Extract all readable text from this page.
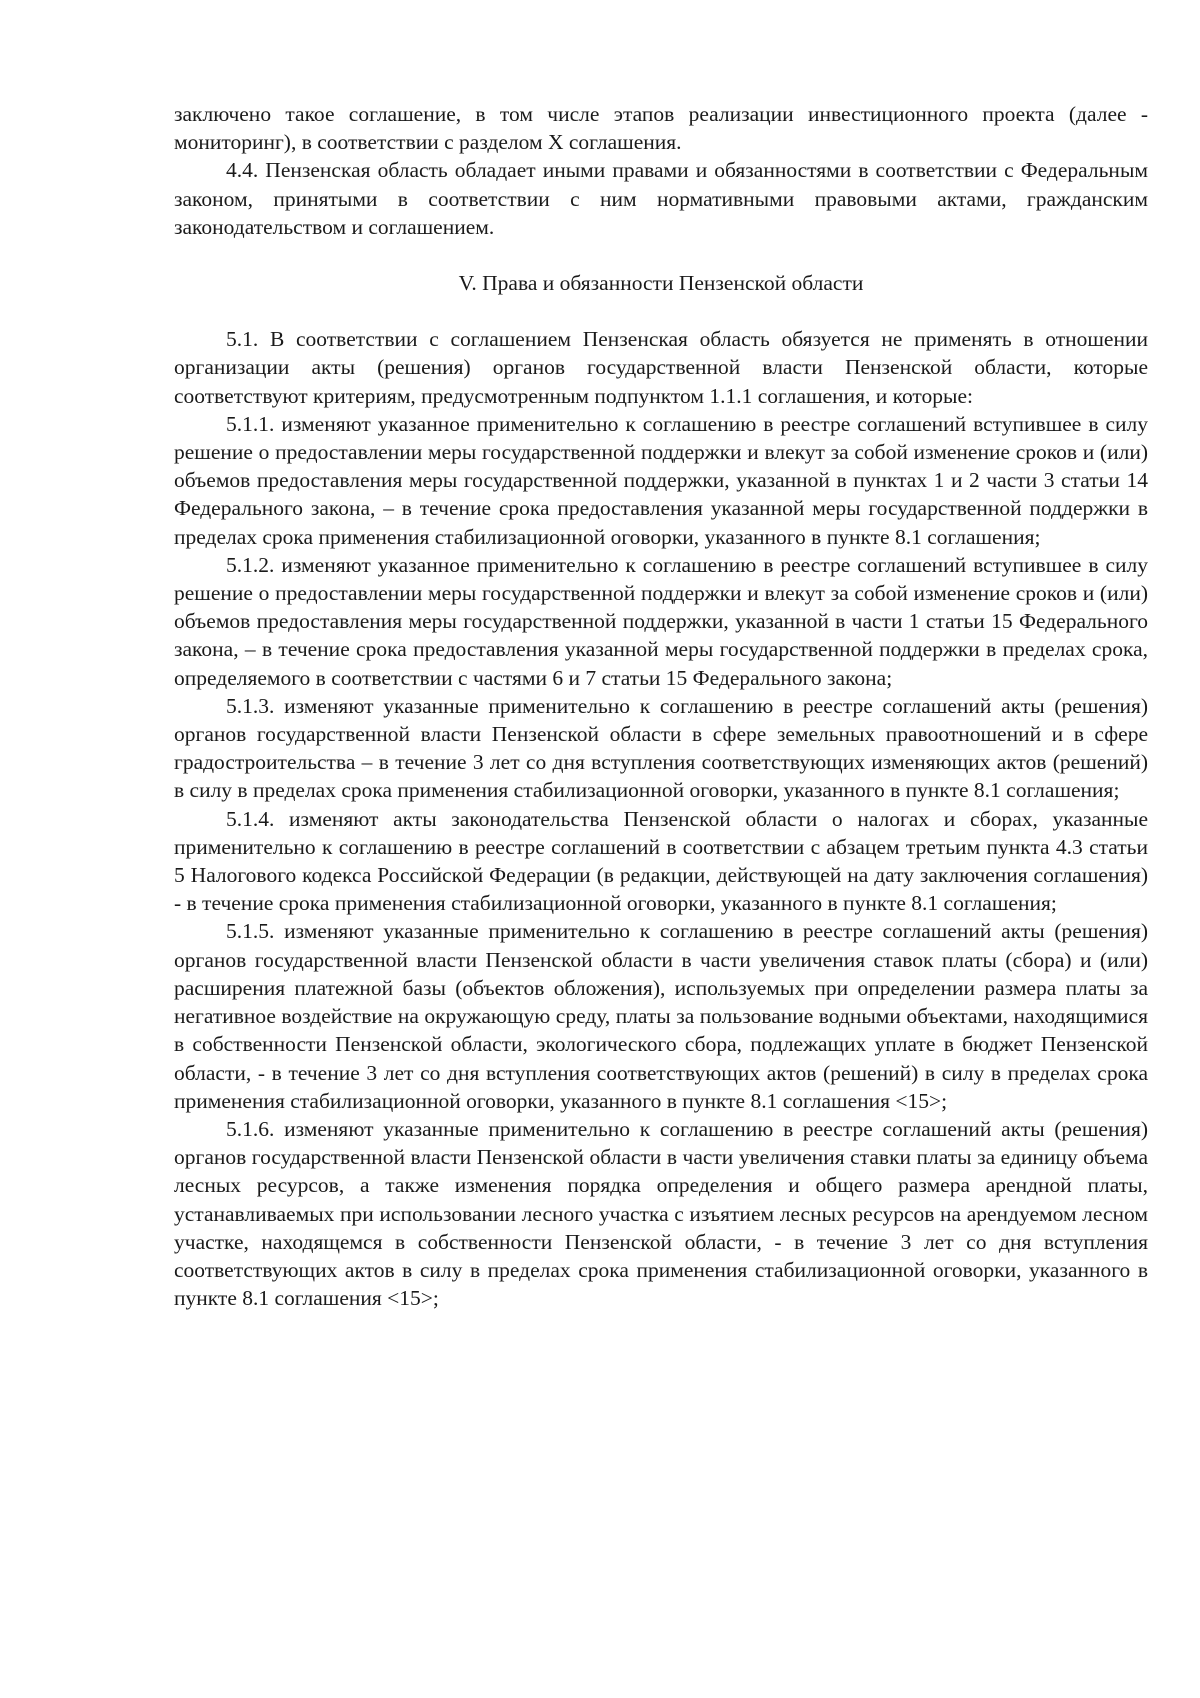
заключено такое соглашение, в том числе этапов реализации инвестиционного проекта (далее - мониторинг), в соответствии с разделом X соглашения.

4.4. Пензенская область обладает иными правами и обязанностями в соответствии с Федеральным законом, принятыми в соответствии с ним нормативными правовыми актами, гражданским законодательством и соглашением.

V. Права и обязанности Пензенской области

5.1. В соответствии с соглашением Пензенская область обязуется не применять в отношении организации акты (решения) органов государственной власти Пензенской области, которые соответствуют критериям, предусмотренным подпунктом 1.1.1 соглашения, и которые:

5.1.1. изменяют указанное применительно к соглашению в реестре соглашений вступившее в силу решение о предоставлении меры государственной поддержки и влекут за собой изменение сроков и (или) объемов предоставления меры государственной поддержки, указанной в пунктах 1 и 2 части 3 статьи 14 Федерального закона, – в течение срока предоставления указанной меры государственной поддержки в пределах срока применения стабилизационной оговорки, указанного в пункте 8.1 соглашения;

5.1.2. изменяют указанное применительно к соглашению в реестре соглашений вступившее в силу решение о предоставлении меры государственной поддержки и влекут за собой изменение сроков и (или) объемов предоставления меры государственной поддержки, указанной в части 1 статьи 15 Федерального закона, – в течение срока предоставления указанной меры государственной поддержки в пределах срока, определяемого в соответствии с частями 6 и 7 статьи 15 Федерального закона;

5.1.3. изменяют указанные применительно к соглашению в реестре соглашений акты (решения) органов государственной власти Пензенской области в сфере земельных правоотношений и в сфере градостроительства – в течение 3 лет со дня вступления соответствующих изменяющих актов (решений) в силу в пределах срока применения стабилизационной оговорки, указанного в пункте 8.1 соглашения;

5.1.4. изменяют акты законодательства Пензенской области о налогах и сборах, указанные применительно к соглашению в реестре соглашений в соответствии с абзацем третьим пункта 4.3 статьи 5 Налогового кодекса Российской Федерации (в редакции, действующей на дату заключения соглашения) - в течение срока применения стабилизационной оговорки, указанного в пункте 8.1 соглашения;

5.1.5. изменяют указанные применительно к соглашению в реестре соглашений акты (решения) органов государственной власти Пензенской области в части увеличения ставок платы (сбора) и (или) расширения платежной базы (объектов обложения), используемых при определении размера платы за негативное воздействие на окружающую среду, платы за пользование водными объектами, находящимися в собственности Пензенской области, экологического сбора, подлежащих уплате в бюджет Пензенской области, - в течение 3 лет со дня вступления соответствующих актов (решений) в силу в пределах срока применения стабилизационной оговорки, указанного в пункте 8.1 соглашения <15>;

5.1.6. изменяют указанные применительно к соглашению в реестре соглашений акты (решения) органов государственной власти Пензенской области в части увеличения ставки платы за единицу объема лесных ресурсов, а также изменения порядка определения и общего размера арендной платы, устанавливаемых при использовании лесного участка с изъятием лесных ресурсов на арендуемом лесном участке, находящемся в собственности Пензенской области, - в течение 3 лет со дня вступления соответствующих актов в силу в пределах срока применения стабилизационной оговорки, указанного в пункте 8.1 соглашения <15>;
